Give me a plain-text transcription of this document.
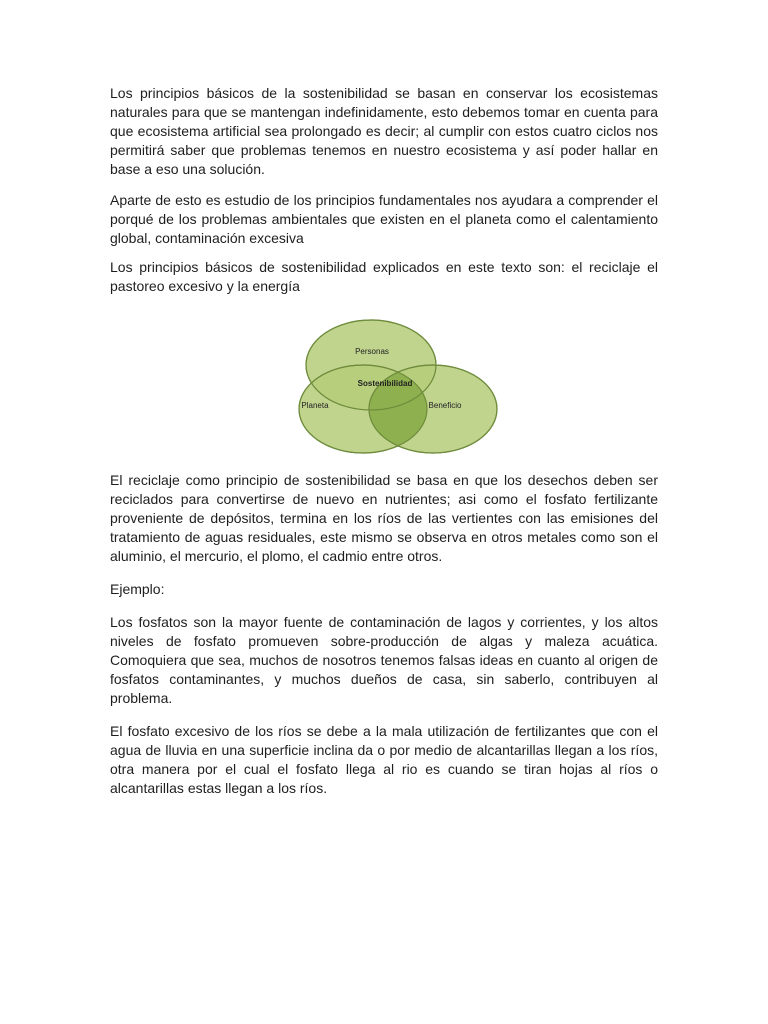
Los principios básicos de la sostenibilidad se basan en conservar los ecosistemas naturales para que se mantengan indefinidamente, esto debemos tomar en cuenta para que ecosistema artificial sea prolongado es decir; al cumplir con estos cuatro ciclos nos permitirá saber que problemas tenemos en nuestro ecosistema y así poder hallar en base a eso una solución.

Aparte de esto es estudio de los principios fundamentales nos ayudara a comprender el porqué de los problemas ambientales que existen en el planeta como el calentamiento global, contaminación excesiva

Los principios básicos de sostenibilidad explicados en este texto son: el reciclaje el pastoreo excesivo y la energía

Personas
Planeta	Beneficio
Sostenibilidad

El reciclaje como principio de sostenibilidad se basa en que los desechos deben ser reciclados para convertirse de nuevo en nutrientes; asi como el fosfato fertilizante proveniente de depósitos, termina en los ríos de las vertientes con las emisiones del tratamiento de aguas residuales, este mismo se observa en otros metales como son el aluminio, el mercurio, el plomo, el cadmio entre otros.

Ejemplo:

Los fosfatos son la mayor fuente de contaminación de lagos y corrientes, y los altos niveles de fosfato promueven sobre-producción de algas y maleza acuática. Comoquiera que sea, muchos de nosotros tenemos falsas ideas en cuanto al origen de fosfatos contaminantes, y muchos dueños de casa, sin saberlo, contribuyen al problema.

El fosfato excesivo de los ríos se debe a la mala utilización de fertilizantes que con el agua de lluvia en una superficie inclina da o por medio de alcantarillas llegan a los ríos, otra manera por el cual el fosfato llega al rio es cuando se tiran hojas al ríos o alcantarillas estas llegan a los ríos.
